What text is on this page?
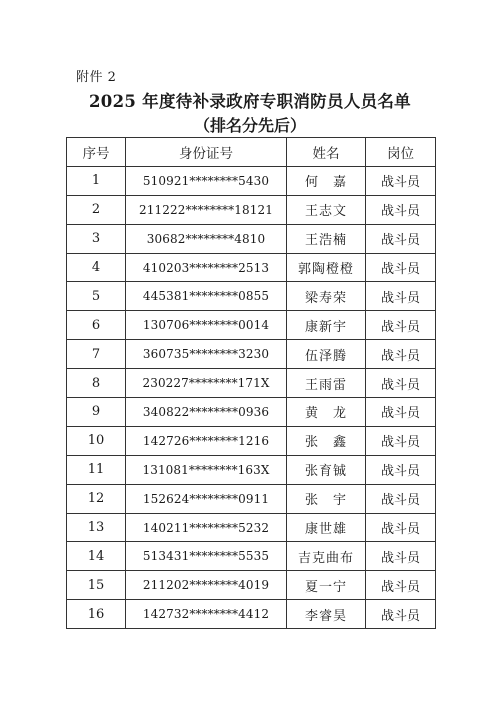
附件 2
2025 年度待补录政府专职消防员人员名单
（排名分先后）
序号	身份证号	姓名	岗位
1	510921********5430	何　嘉	战斗员
2	211222********18121	王志文	战斗员
3	30682********4810	王浩楠	战斗员
4	410203********2513	郭陶橙橙	战斗员
5	445381********0855	梁寿荣	战斗员
6	130706********0014	康新宇	战斗员
7	360735********3230	伍泽腾	战斗员
8	230227********171X	王雨雷	战斗员
9	340822********0936	黄　龙	战斗员
10	142726********1216	张　鑫	战斗员
11	131081********163X	张育铖	战斗员
12	152624********0911	张　宇	战斗员
13	140211********5232	康世雄	战斗员
14	513431********5535	吉克曲布	战斗员
15	211202********4019	夏一宁	战斗员
16	142732********4412	李睿昊	战斗员
